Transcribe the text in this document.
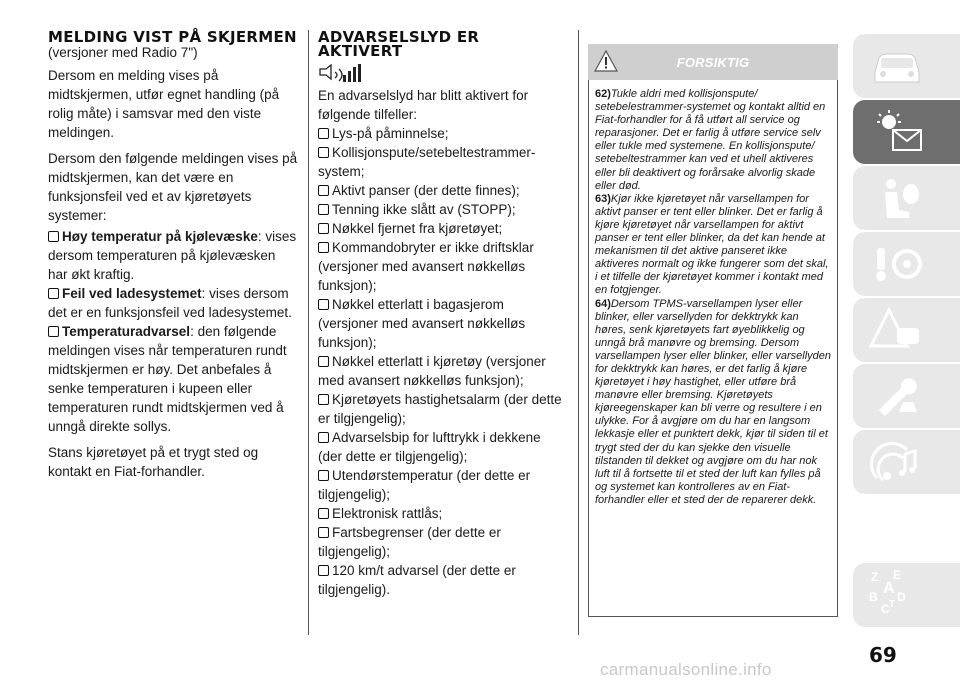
MELDING VIST PÅ SKJERMEN
(versjoner med Radio 7")

Dersom en melding vises på midtskjermen, utfør egnet handling (på rolig måte) i samsvar med den viste meldingen.

Dersom den følgende meldingen vises på midtskjermen, kan det være en funksjonsfeil ved et av kjøretøyets systemer:

Høy temperatur på kjølevæske: vises dersom temperaturen på kjølevæsken har økt kraftig.
Feil ved ladesystemet: vises dersom det er en funksjonsfeil ved ladesystemet.
Temperaturadvarsel: den følgende meldingen vises når temperaturen rundt midtskjermen er høy. Det anbefales å senke temperaturen i kupeen eller temperaturen rundt midtskjermen ved å unngå direkte sollys.

Stans kjøretøyet på et trygt sted og kontakt en Fiat-forhandler.

ADVARSELSLYD ER AKTIVERT

En advarselslyd har blitt aktivert for følgende tilfeller:

Lys-på påminnelse;
Kollisjonspute/setebeltestrammer-system;
Aktivt panser (der dette finnes);
Tenning ikke slått av (STOPP);
Nøkkel fjernet fra kjøretøyet;
Kommandobryter er ikke driftsklar (versjoner med avansert nøkkelløs funksjon);
Nøkkel etterlatt i bagasjerom (versjoner med avansert nøkkelløs funksjon);
Nøkkel etterlatt i kjøretøy (versjoner med avansert nøkkelløs funksjon);
Kjøretøyets hastighetsalarm (der dette er tilgjengelig);
Advarselsbip for lufttrykk i dekkene (der dette er tilgjengelig);
Utendørstemperatur (der dette er tilgjengelig);
Elektronisk rattlås;
Fartsbegrenser (der dette er tilgjengelig);
120 km/t advarsel (der dette er tilgjengelig).
FORSIKTIG

62)Tukle aldri med kollisjonspute/ setebelestrammer-systemet og kontakt alltid en Fiat-forhandler for å få utført all service og reparasjoner. Det er farlig å utføre service selv eller tukle med systemene. En kollisjonspute/ setebeltestrammer kan ved et uhell aktiveres eller bli deaktivert og forårsake alvorlig skade eller død.

63)Kjør ikke kjøretøyet når varsellampen for aktivt panser er tent eller blinker. Det er farlig å kjøre kjøretøyet når varsellampen for aktivt panser er tent eller blinker, da det kan hende at mekanismen til det aktive panseret ikke aktiveres normalt og ikke fungerer som det skal, i et tilfelle der kjøretøyet kommer i kontakt med en fotgjenger.

64)Dersom TPMS-varsellampen lyser eller blinker, eller varsellyden for dekktrykk kan høres, senk kjøretøyets fart øyeblikkelig og unngå brå manøvre og bremsing. Dersom varsellampen lyser eller blinker, eller varsellyden for dekktrykk kan høres, er det farlig å kjøre kjøretøyet i høy hastighet, eller utføre brå manøvre eller bremsing. Kjøretøyets kjøreegenskaper kan bli verre og resultere i en ulykke. For å avgjøre om du har en langsom lekkasje eller et punktert dekk, kjør til siden til et trygt sted der du kan sjekke den visuelle tilstanden til dekket og avgjøre om du har nok luft til å fortsette til et sted der luft kan fylles på og systemet kan kontrolleres av en Fiat-forhandler eller et sted der de reparerer dekk.

Z E
A
B
C T
D
69
carmanualsonline.info
